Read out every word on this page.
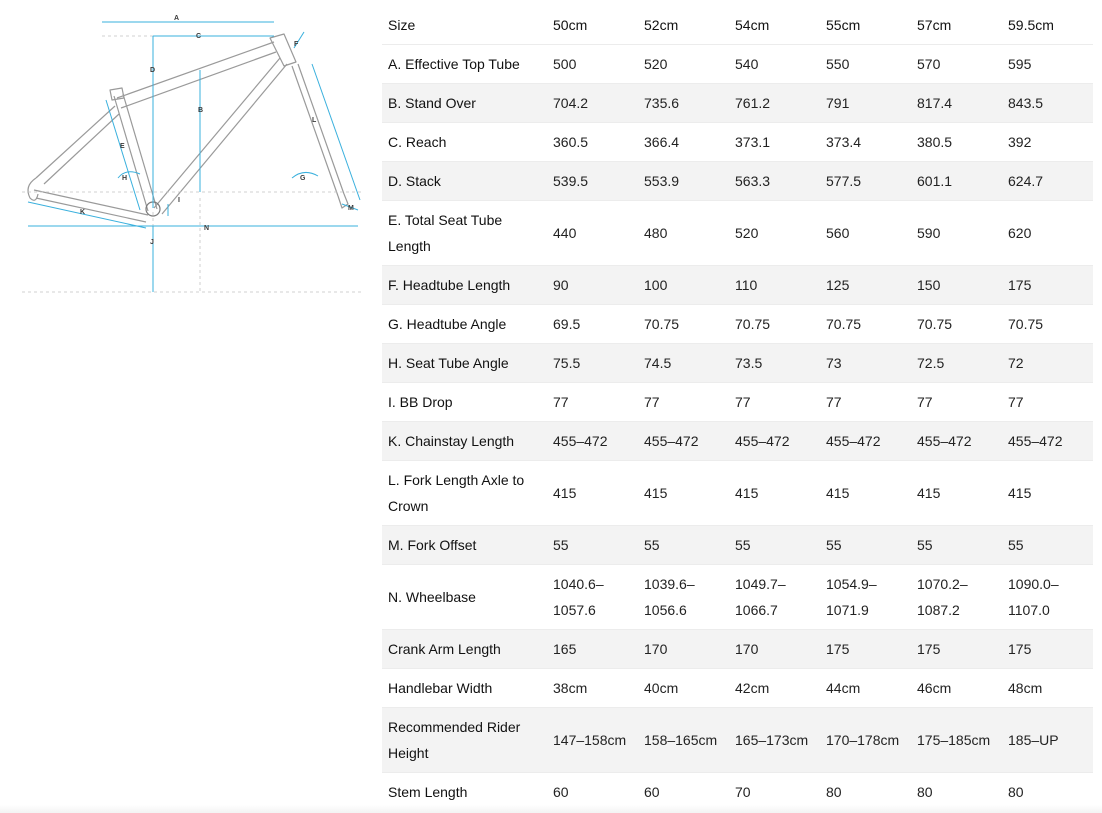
A
C
D
B
E
F
G
H
I
J
K
L
M
N
Size	50cm	52cm	54cm	55cm	57cm	59.5cm
A. Effective Top Tube	500	520	540	550	570	595
B. Stand Over	704.2	735.6	761.2	791	817.4	843.5
C. Reach	360.5	366.4	373.1	373.4	380.5	392
D. Stack	539.5	553.9	563.3	577.5	601.1	624.7
E. Total Seat Tube Length	440	480	520	560	590	620
F. Headtube Length	90	100	110	125	150	175
G. Headtube Angle	69.5	70.75	70.75	70.75	70.75	70.75
H. Seat Tube Angle	75.5	74.5	73.5	73	72.5	72
I. BB Drop	77	77	77	77	77	77
K. Chainstay Length	455–472	455–472	455–472	455–472	455–472	455–472
L. Fork Length Axle to Crown	415	415	415	415	415	415
M. Fork Offset	55	55	55	55	55	55
N. Wheelbase	1040.6–1057.6	1039.6–1056.6	1049.7–1066.7	1054.9–1071.9	1070.2–1087.2	1090.0–1107.0
Crank Arm Length	165	170	170	175	175	175
Handlebar Width	38cm	40cm	42cm	44cm	46cm	48cm
Recommended Rider Height	147–158cm	158–165cm	165–173cm	170–178cm	175–185cm	185–UP
Stem Length	60	60	70	80	80	80
